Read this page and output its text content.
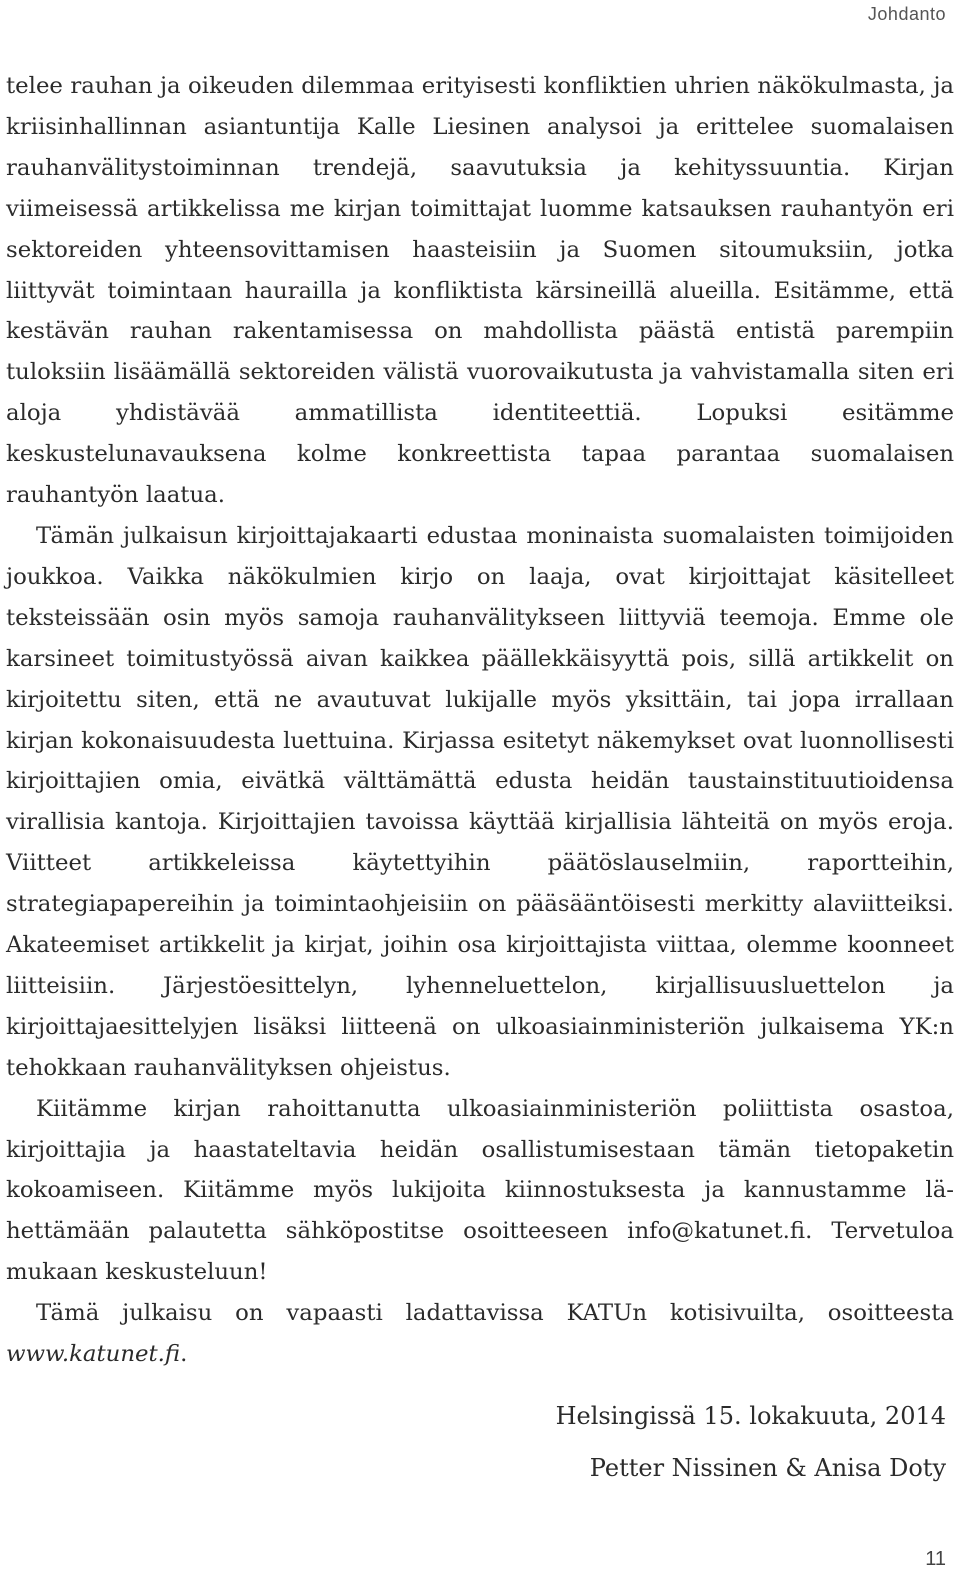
Johdanto

telee rauhan ja oikeuden dilemmaa erityisesti konfliktien uhrien näkökulmasta, ja kriisinhallinnan asiantuntija Kalle Liesinen analysoi ja erittelee suomalaisen rauhanvälitystoiminnan trendejä, saavutuksia ja kehityssuuntia. Kirjan viimeisessä artikkelissa me kirjan toimittajat luomme katsauksen rauhantyön eri sektoreiden yhteensovittamisen haasteisiin ja Suomen sitoumuksiin, jotka liittyvät toimintaan haurailla ja konfliktista kärsineillä alueilla. Esitämme, että kestävän rauhan rakentamisessa on mahdollista päästä entistä parempiin tuloksiin lisäämällä sektoreiden välistä vuorovaikutusta ja vahvistamalla siten eri aloja yhdistävää ammatillista identiteettiä. Lopuksi esitämme keskustelunavauksena kolme konkreettista tapaa parantaa suomalaisen rauhantyön laatua.

Tämän julkaisun kirjoittajakaarti edustaa moninaista suomalaisten toimijoiden joukkoa. Vaikka näkökulmien kirjo on laaja, ovat kirjoittajat käsitelleet teksteissään osin myös samoja rauhanvälitykseen liittyviä teemoja. Emme ole karsineet toimitustyössä aivan kaikkea päällekkäisyyttä pois, sillä artikkelit on kirjoitettu siten, että ne avautuvat lukijalle myös yksittäin, tai jopa irrallaan kirjan kokonaisuudesta luettuina. Kirjassa esitetyt näkemykset ovat luonnollisesti kirjoittajien omia, eivätkä välttämättä edusta heidän taustainstituutioidensa virallisia kantoja. Kirjoittajien tavoissa käyttää kirjallisia lähteitä on myös eroja. Viitteet artikkeleissa käytettyihin päätöslauselmiin, raportteihin, strategiapapereihin ja toimintaohjeisiin on pääsääntöisesti merkitty alaviitteiksi. Akateemiset artikkelit ja kirjat, joihin osa kirjoittajista viittaa, olemme koonneet liitteisiin. Järjestöesittelyn, lyhenneluettelon, kirjallisuusluettelon ja kirjoittajaesittelyjen lisäksi liitteenä on ulkoasiainministeriön julkaisema YK:n tehokkaan rauhanvälityksen ohjeistus.

Kiitämme kirjan rahoittanutta ulkoasiainministeriön poliittista osastoa, kirjoittajia ja haastateltavia heidän osallistumisestaan tämän tietopaketin kokoamiseen. Kiitämme myös lukijoita kiinnostuksesta ja kannustamme lähettämään palautetta sähköpostitse osoitteeseen info@katunet.fi. Tervetuloa mukaan keskusteluun!

Tämä julkaisu on vapaasti ladattavissa KATUn kotisivuilta, osoitteesta www.katunet.fi.

Helsingissä 15. lokakuuta, 2014
Petter Nissinen & Anisa Doty
11
